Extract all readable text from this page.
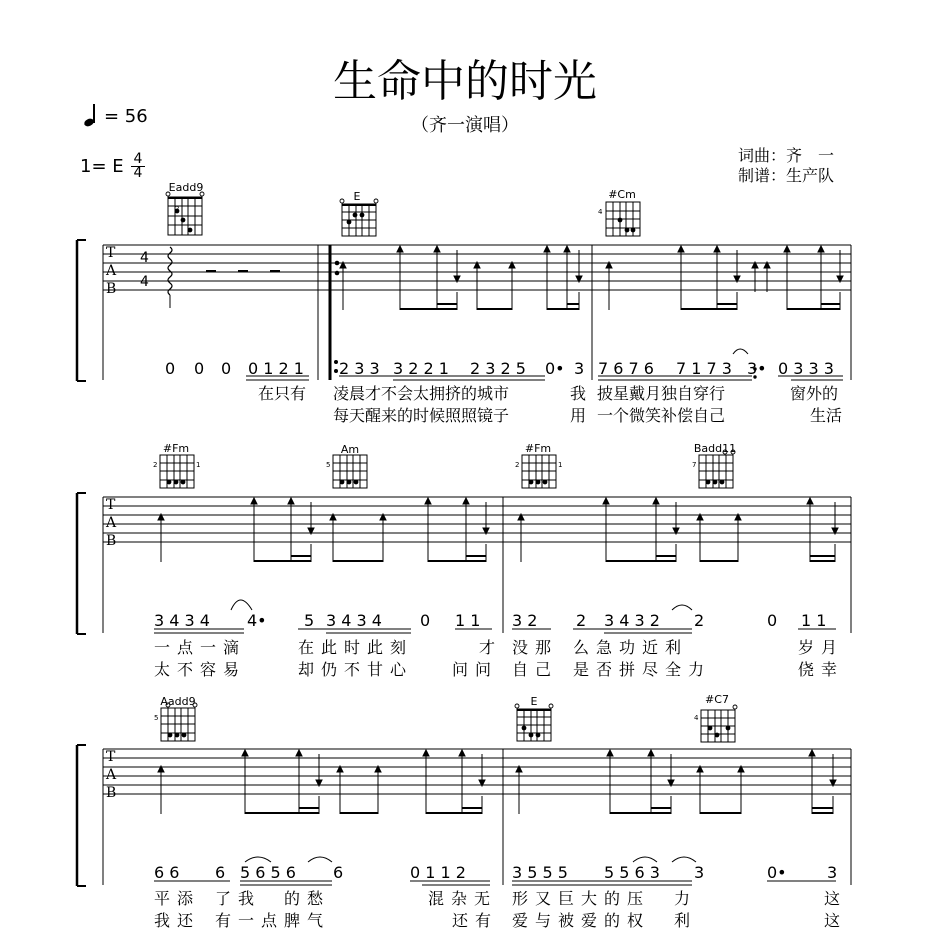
生命中的时光
（齐一演唱）
= 56
1= E 4
4
词曲：齐　一
制谱：生产队
Eadd9
E	#Cm
#Fm	Am	#Fm	Badd11
Aadd9	E	#C7
T
A
B
4
4
T
A
B
T
A
B
2	4
2	1	5	2	1	7
5	4
0 0 0 0 1 2 1 2 3 3 3 2 2 1 2 3 2 5 0• 3 7 6 7 6 7 1 7 3 3• 0 3 3 3
在只有 凌晨才不会太拥挤的城市	我 披星戴月独自穿行	窗外的
每天醒来的时候照照镜子	用 一个微笑补偿自己	生活
3 4 3 4 4• 5 3 4 3 4 0 1 1 3 2 2 3 4 3 2 2	0 1 1
一点一滴	在此时此刻	才 没那 么急功近利	岁月
太不容易	却仍不甘心 问问 自己 是否拼尽全力	侥幸
6 6 6 5 6 5 6 6	0 1 1 2	3 5 5 5 5 5 6 3 3	0•	3
平添 了我 的愁	混杂无 形又巨大的压 力	这
我还 有一点脾气	还有 爱与被爱的权 利	这
